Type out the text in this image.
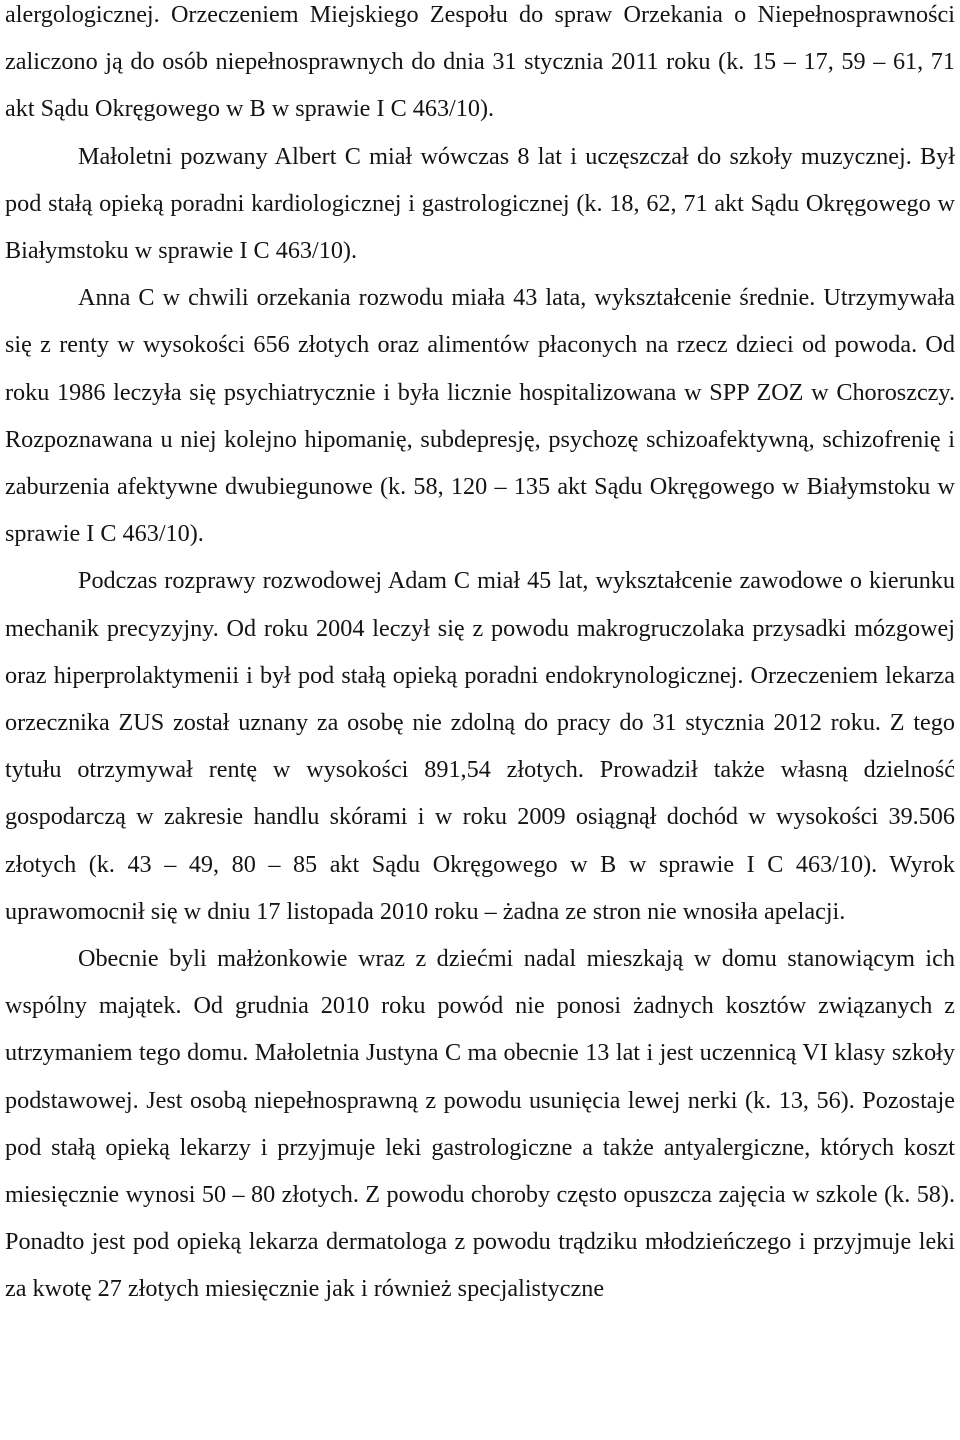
alergologicznej. Orzeczeniem Miejskiego Zespołu do spraw Orzekania o Niepełnosprawności zaliczono ją do osób niepełnosprawnych do dnia 31 stycznia 2011 roku (k. 15 – 17, 59 – 61, 71 akt Sądu Okręgowego w B w sprawie I C 463/10).

Małoletni pozwany Albert C miał wówczas 8 lat i uczęszczał do szkoły muzycznej. Był pod stałą opieką poradni kardiologicznej i gastrologicznej (k. 18, 62, 71 akt Sądu Okręgowego w Białymstoku w sprawie I C 463/10).

Anna C w chwili orzekania rozwodu miała 43 lata, wykształcenie średnie. Utrzymywała się z renty w wysokości 656 złotych oraz alimentów płaconych na rzecz dzieci od powoda. Od roku 1986 leczyła się psychiatrycznie i była licznie hospitalizowana w SPP ZOZ w Choroszczy. Rozpoznawana u niej kolejno hipomanię, subdepresję, psychozę schizoafektywną, schizofrenię i zaburzenia afektywne dwubiegunowe (k. 58, 120 – 135 akt Sądu Okręgowego w Białymstoku w sprawie I C 463/10).

Podczas rozprawy rozwodowej Adam C miał 45 lat, wykształcenie zawodowe o kierunku mechanik precyzyjny. Od roku 2004 leczył się z powodu makrogruczolaka przysadki mózgowej oraz hiperprolaktymenii i był pod stałą opieką poradni endokrynologicznej. Orzeczeniem lekarza orzecznika ZUS został uznany za osobę nie zdolną do pracy do 31 stycznia 2012 roku. Z tego tytułu otrzymywał rentę w wysokości 891,54 złotych. Prowadził także własną dzielność gospodarczą w zakresie handlu skórami i w roku 2009 osiągnął dochód w wysokości 39.506 złotych (k. 43 – 49, 80 – 85 akt Sądu Okręgowego w B w sprawie I C 463/10). Wyrok uprawomocnił się w dniu 17 listopada 2010 roku – żadna ze stron nie wnosiła apelacji.

Obecnie byli małżonkowie wraz z dziećmi nadal mieszkają w domu stanowiącym ich wspólny majątek. Od grudnia 2010 roku powód nie ponosi żadnych kosztów związanych z utrzymaniem tego domu. Małoletnia Justyna C ma obecnie 13 lat i jest uczennicą VI klasy szkoły podstawowej. Jest osobą niepełnosprawną z powodu usunięcia lewej nerki (k. 13, 56). Pozostaje pod stałą opieką lekarzy i przyjmuje leki gastrologiczne a także antyalergiczne, których koszt miesięcznie wynosi 50 – 80 złotych. Z powodu choroby często opuszcza zajęcia w szkole (k. 58). Ponadto jest pod opieką lekarza dermatologa z powodu trądziku młodzieńczego i przyjmuje leki za kwotę 27 złotych miesięcznie jak i również specjalistyczne
